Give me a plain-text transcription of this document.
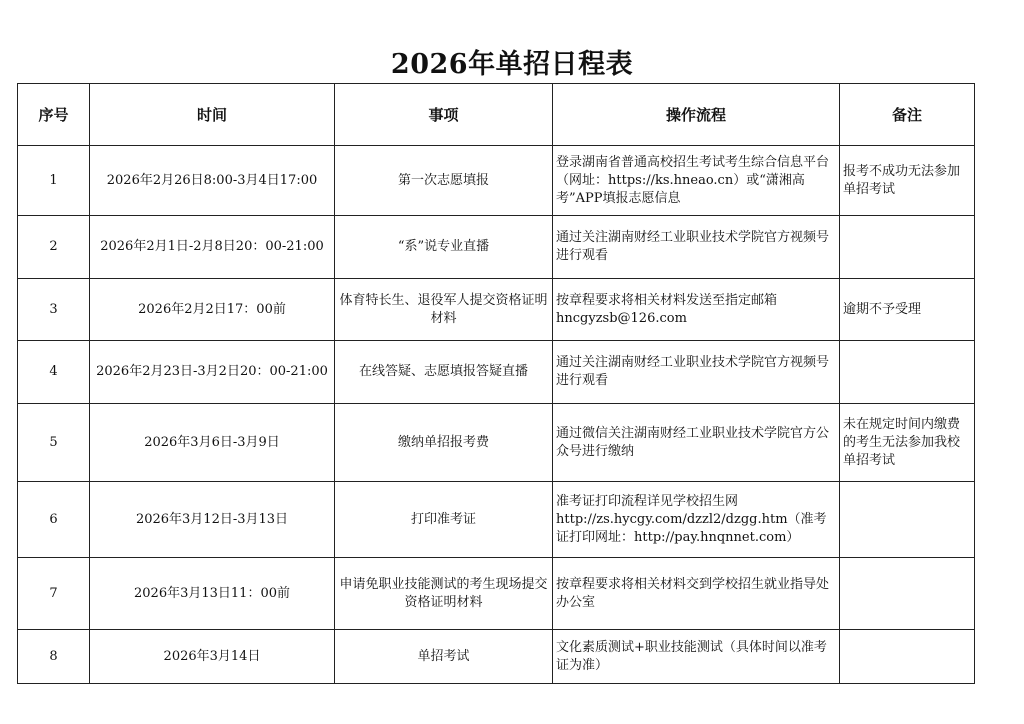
2026年单招日程表
序号	时间	事项	操作流程	备注
1	2026年2月26日8:00-3月4日17:00	第一次志愿填报	登录湖南省普通高校招生考试考生综合信息平台（网址：https://ks.hneao.cn）或“潇湘高考”APP填报志愿信息	报考不成功无法参加单招考试
2	2026年2月1日-2月8日20：00-21:00	“系”说专业直播	通过关注湖南财经工业职业技术学院官方视频号进行观看	
3	2026年2月2日17：00前	体育特长生、退役军人提交资格证明材料	按章程要求将相关材料发送至指定邮箱hncgyzsb@126.com	逾期不予受理
4	2026年2月23日-3月2日20：00-21:00	在线答疑、志愿填报答疑直播	通过关注湖南财经工业职业技术学院官方视频号进行观看	
5	2026年3月6日-3月9日	缴纳单招报考费	通过微信关注湖南财经工业职业技术学院官方公众号进行缴纳	未在规定时间内缴费的考生无法参加我校单招考试
6	2026年3月12日-3月13日	打印准考证	准考证打印流程详见学校招生网http://zs.hycgy.com/dzzl2/dzgg.htm（准考证打印网址：http://pay.hnqnnet.com）	
7	2026年3月13日11：00前	申请免职业技能测试的考生现场提交资格证明材料	按章程要求将相关材料交到学校招生就业指导处办公室	
8	2026年3月14日	单招考试	文化素质测试+职业技能测试（具体时间以准考证为准）	
